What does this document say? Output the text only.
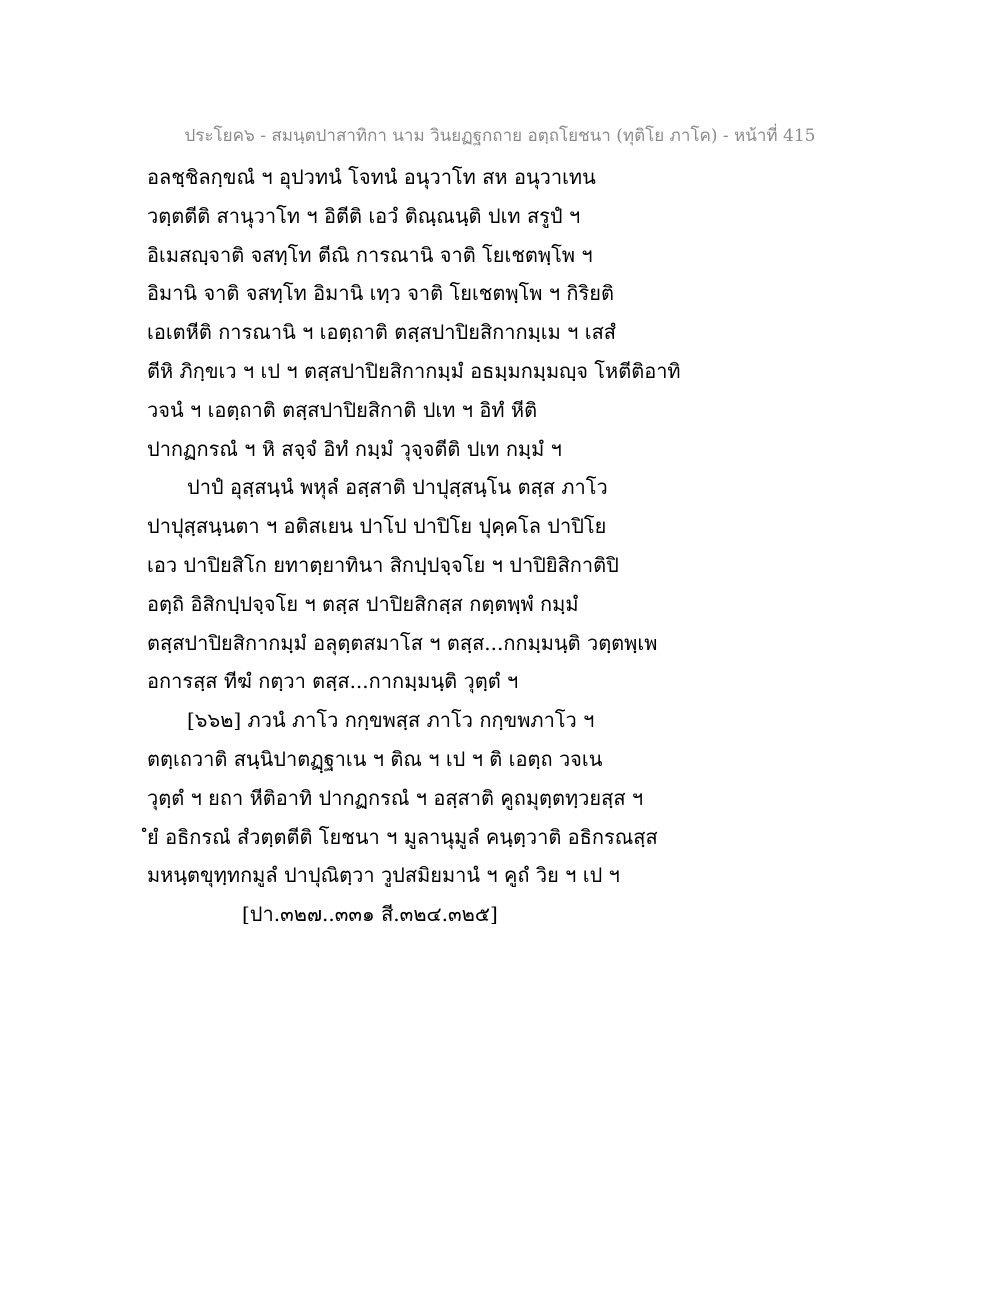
ประโยค๖ - สมนฺตปาสาทิกา นาม วินยฏฐกถาย อตฺถโยชนา (ทุติโย ภาโค) - หน้าที่ 415
อลชฺชิลกฺขณํ ฯ อุปวทนํ โจทนํ อนุวาโท สห อนุวาเทน
วตฺตตีติ สานุวาโท ฯ อิตีติ เอวํ ติณฺณนฺติ ปเท สรูปํ ฯ
อิเมสญฺจาติ จสทฺโท ตีณิ การณานิ จาติ โยเชตพฺโพ ฯ
อิมานิ จาติ จสทฺโท อิมานิ เทฺว จาติ โยเชตพฺโพ ฯ กิริยติ
เอเตหีติ การณานิ ฯ เอตฺถาติ ตสฺสปาปิยสิกากมฺเม ฯ เสสํ
ตีหิ ภิกฺขเว ฯ เป ฯ ตสฺสปาปิยสิกากมฺมํ อธมฺมกมฺมญฺจ โหตีติอาทิ
วจนํ ฯ เอตฺถาติ ตสฺสปาปิยสิกาติ ปเท ฯ อิทํ หีติ
ปากฏกรณํ ฯ หิ สจฺจํ อิทํ กมฺมํ วุจฺจตีติ ปเท กมฺมํ ฯ
ปาปํ อุสฺสนฺนํ พหุลํ อสฺสาติ ปาปุสฺสนฺโน ตสฺส ภาโว
ปาปุสฺสนฺนตา ฯ อติสเยน ปาโป ปาปิโย ปุคฺคโล ปาปิโย
เอว ปาปิยสิโก ยทาตฺยาทินา สิกปฺปจฺจโย ฯ ปาปิยิสิกาติปิ
อตฺถิ อิสิกปฺปจฺจโย ฯ ตสฺส ปาปิยสิกสฺส กตฺตพฺพํ กมฺมํ
ตสฺสปาปิยสิกากมฺมํ อลุตฺตสมาโส ฯ ตสฺส...กกมฺมนฺติ วตฺตพฺเพ
อการสฺส ทีฆํ กตฺวา ตสฺส...กากมฺมนฺติ วุตฺตํ ฯ
[๖๖๒] ภวนํ ภาโว กกฺขพสฺส ภาโว กกฺขพภาโว ฯ
ตตฺเถวาติ สนฺนิปาตฏฺฐาเน ฯ ติณ ฯ เป ฯ ติ เอตฺถ วจเน
วุตฺตํ ฯ ยถา หีติอาทิ ปากฏกรณํ ฯ อสฺสาติ คูถมุตฺตทฺวยสฺส ฯ
ํยํ อธิกรณํ สํวตฺตตีติ โยชนา ฯ มูลานุมูลํ คนฺตฺวาติ อธิกรณสฺส
มหนฺตขุทฺทกมูลํ ปาปุณิตฺวา วูปสมิยมานํ ฯ คูถํ วิย ฯ เป ฯ
[ปา.๓๒๗..๓๓๑ สี.๓๒๔.๓๒๕]
